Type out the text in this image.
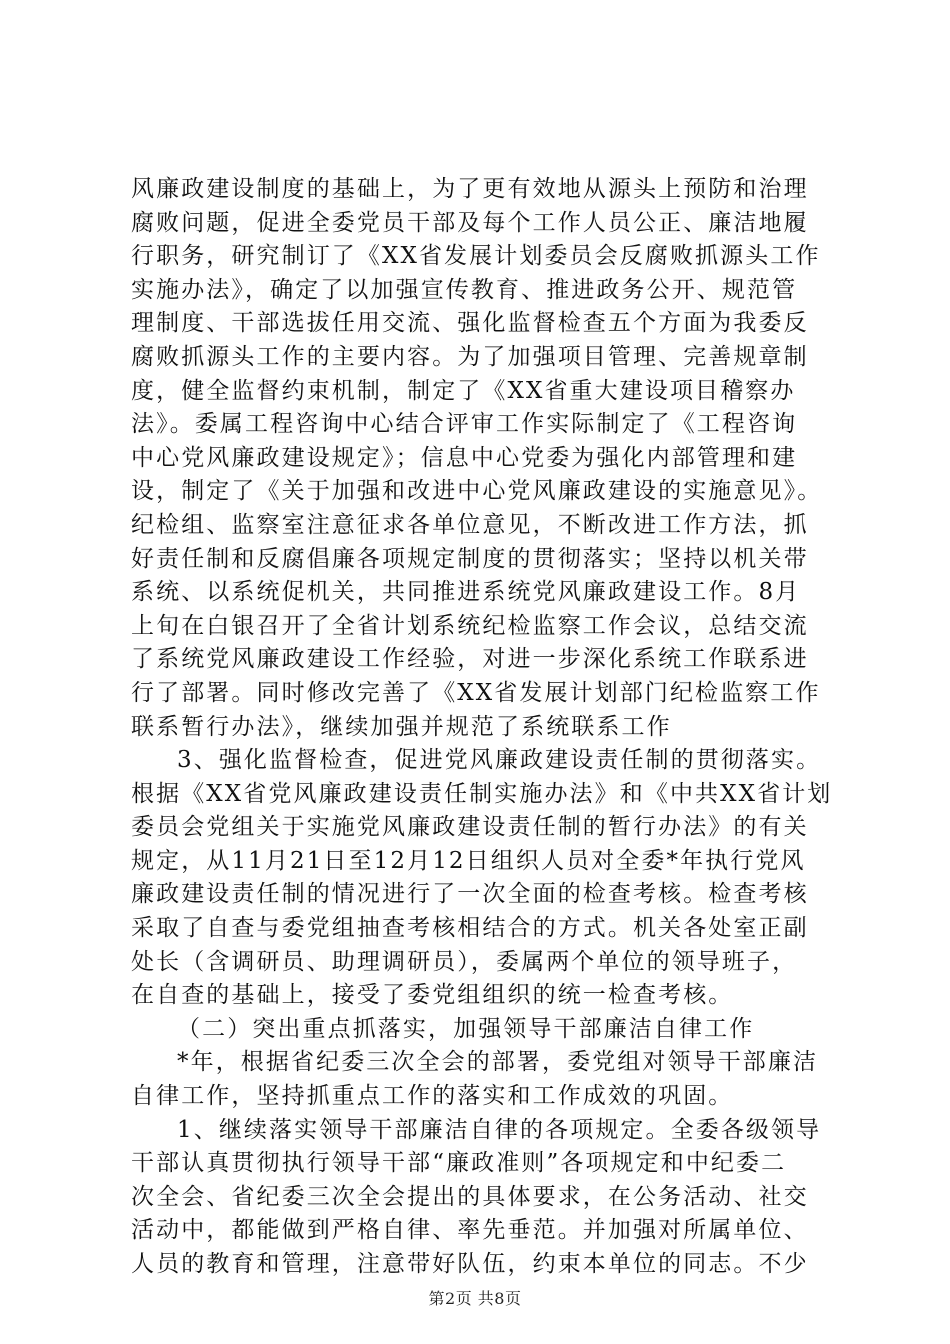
风廉政建设制度的基础上，为了更有效地从源头上预防和治理
腐败问题，促进全委党员干部及每个工作人员公正、廉洁地履
行职务，研究制订了《XX省发展计划委员会反腐败抓源头工作
实施办法》，确定了以加强宣传教育、推进政务公开、规范管
理制度、干部选拔任用交流、强化监督检查五个方面为我委反
腐败抓源头工作的主要内容。为了加强项目管理、完善规章制
度，健全监督约束机制，制定了《XX省重大建设项目稽察办
法》。委属工程咨询中心结合评审工作实际制定了《工程咨询
中心党风廉政建设规定》；信息中心党委为强化内部管理和建
设，制定了《关于加强和改进中心党风廉政建设的实施意见》。
纪检组、监察室注意征求各单位意见，不断改进工作方法，抓
好责任制和反腐倡廉各项规定制度的贯彻落实；坚持以机关带
系统、以系统促机关，共同推进系统党风廉政建设工作。8月
上旬在白银召开了全省计划系统纪检监察工作会议，总结交流
了系统党风廉政建设工作经验，对进一步深化系统工作联系进
行了部署。同时修改完善了《XX省发展计划部门纪检监察工作
联系暂行办法》，继续加强并规范了系统联系工作
3、强化监督检查，促进党风廉政建设责任制的贯彻落实。
根据《XX省党风廉政建设责任制实施办法》和《中共XX省计划
委员会党组关于实施党风廉政建设责任制的暂行办法》的有关
规定，从11月21日至12月12日组织人员对全委*年执行党风
廉政建设责任制的情况进行了一次全面的检查考核。检查考核
采取了自查与委党组抽查考核相结合的方式。机关各处室正副
处长（含调研员、助理调研员），委属两个单位的领导班子，
在自查的基础上，接受了委党组组织的统一检查考核。
（二）突出重点抓落实，加强领导干部廉洁自律工作
*年，根据省纪委三次全会的部署，委党组对领导干部廉洁
自律工作，坚持抓重点工作的落实和工作成效的巩固。
1、继续落实领导干部廉洁自律的各项规定。全委各级领导
干部认真贯彻执行领导干部“廉政准则”各项规定和中纪委二
次全会、省纪委三次全会提出的具体要求，在公务活动、社交
活动中，都能做到严格自律、率先垂范。并加强对所属单位、
人员的教育和管理，注意带好队伍，约束本单位的同志。不少
第2页 共8页
